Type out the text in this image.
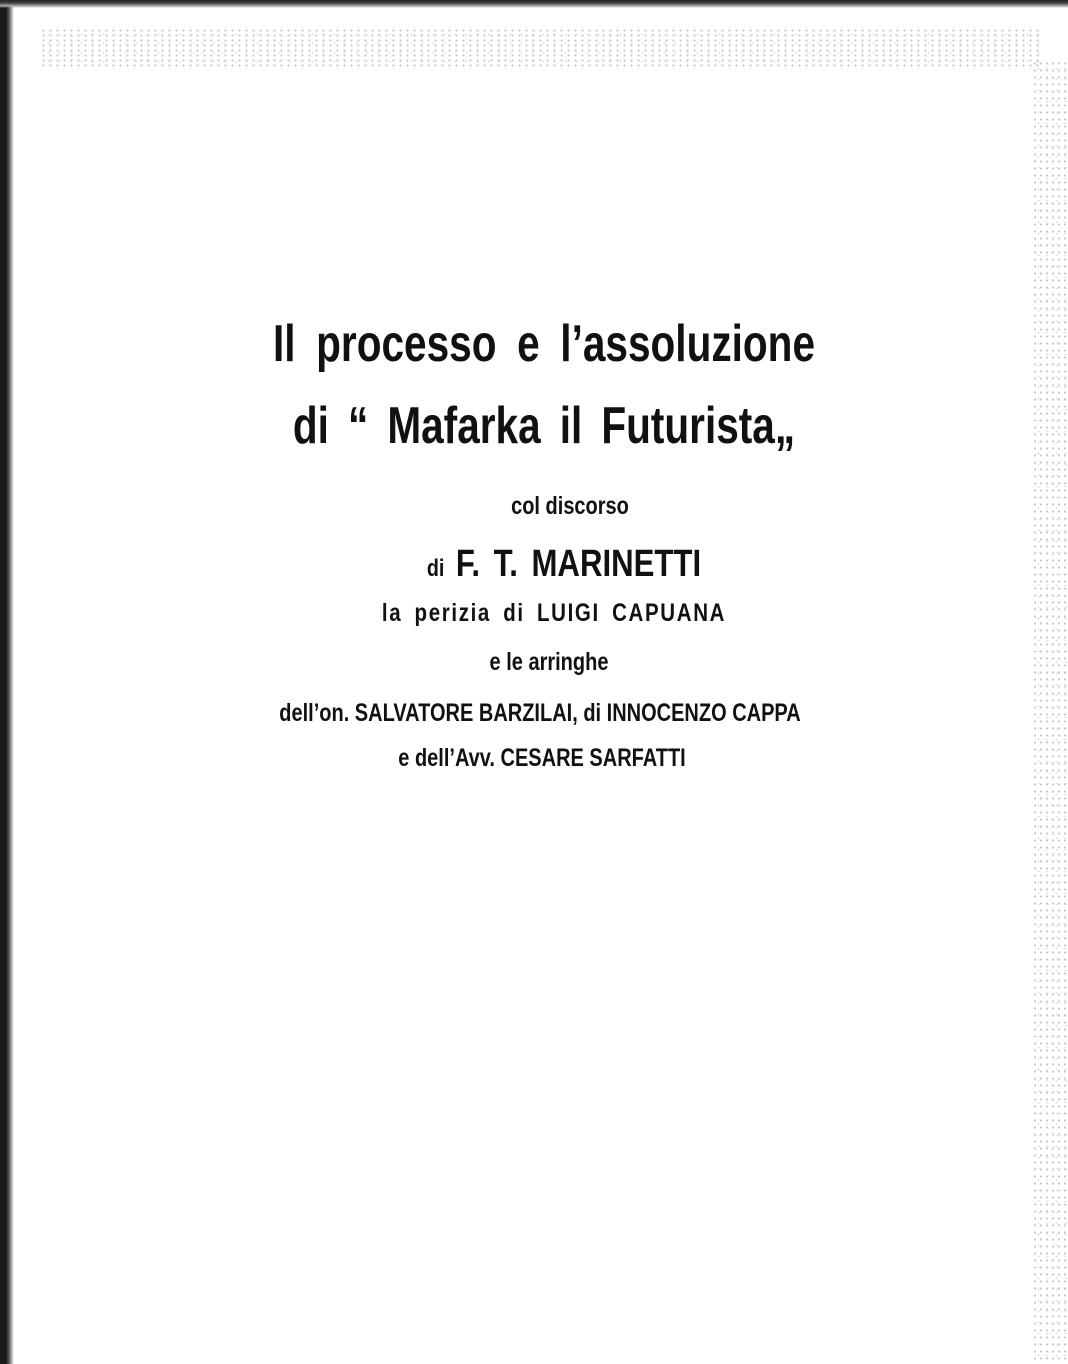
Il processo e l’assoluzione
di “ Mafarka il Futurista„
col discorso
di F. T. MARINETTI
la perizia di LUIGI CAPUANA
e le arringhe
dell’on. SALVATORE BARZILAI, di INNOCENZO CAPPA
e dell’Avv. CESARE SARFATTI
